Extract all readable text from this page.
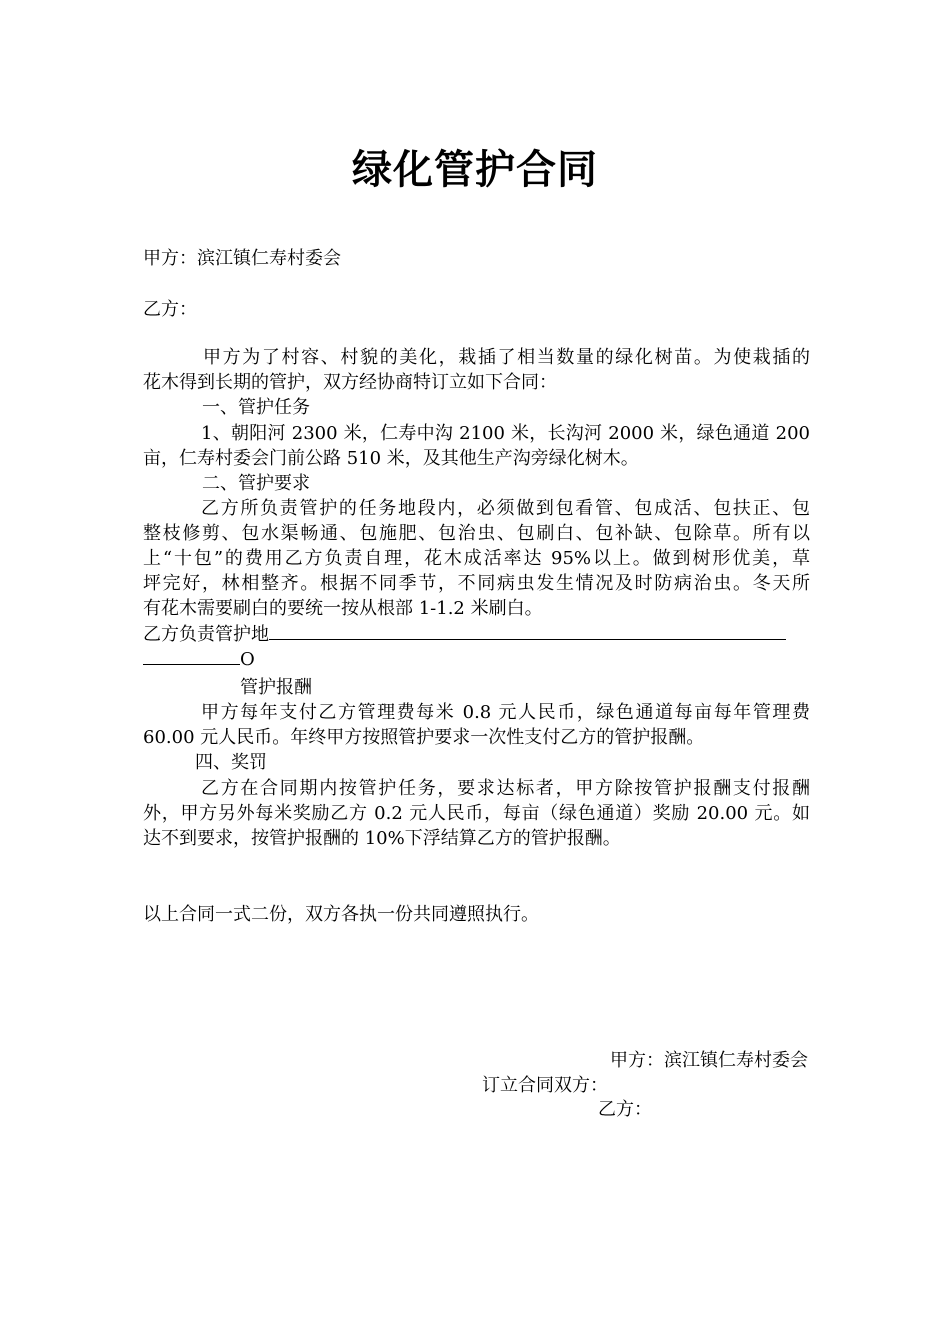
绿化管护合同
甲方：滨江镇仁寿村委会
乙方：
甲方为了村容、村貌的美化，栽插了相当数量的绿化树苗。为使栽插的
花木得到长期的管护，双方经协商特订立如下合同：
一、管护任务
1、朝阳河 2300 米，仁寿中沟 2100 米，长沟河 2000 米，绿色通道 200
亩，仁寿村委会门前公路 510 米，及其他生产沟旁绿化树木。
二、管护要求
乙方所负责管护的任务地段内，必须做到包看管、包成活、包扶正、包
整枝修剪、包水渠畅通、包施肥、包治虫、包刷白、包补缺、包除草。所有以
上“十包”的费用乙方负责自理，花木成活率达 95%以上。做到树形优美，草
坪完好，林相整齐。根据不同季节，不同病虫发生情况及时防病治虫。冬天所
有花木需要刷白的要统一按从根部 1-1.2 米刷白。
乙方负责管护地
O
管护报酬
甲方每年支付乙方管理费每米 0.8 元人民币，绿色通道每亩每年管理费
60.00 元人民币。年终甲方按照管护要求一次性支付乙方的管护报酬。
四、奖罚
乙方在合同期内按管护任务，要求达标者，甲方除按管护报酬支付报酬
外，甲方另外每米奖励乙方 0.2 元人民币，每亩（绿色通道）奖励 20.00 元。如
达不到要求，按管护报酬的 10%下浮结算乙方的管护报酬。
以上合同一式二份，双方各执一份共同遵照执行。
甲方：滨江镇仁寿村委会
订立合同双方：
乙方：
